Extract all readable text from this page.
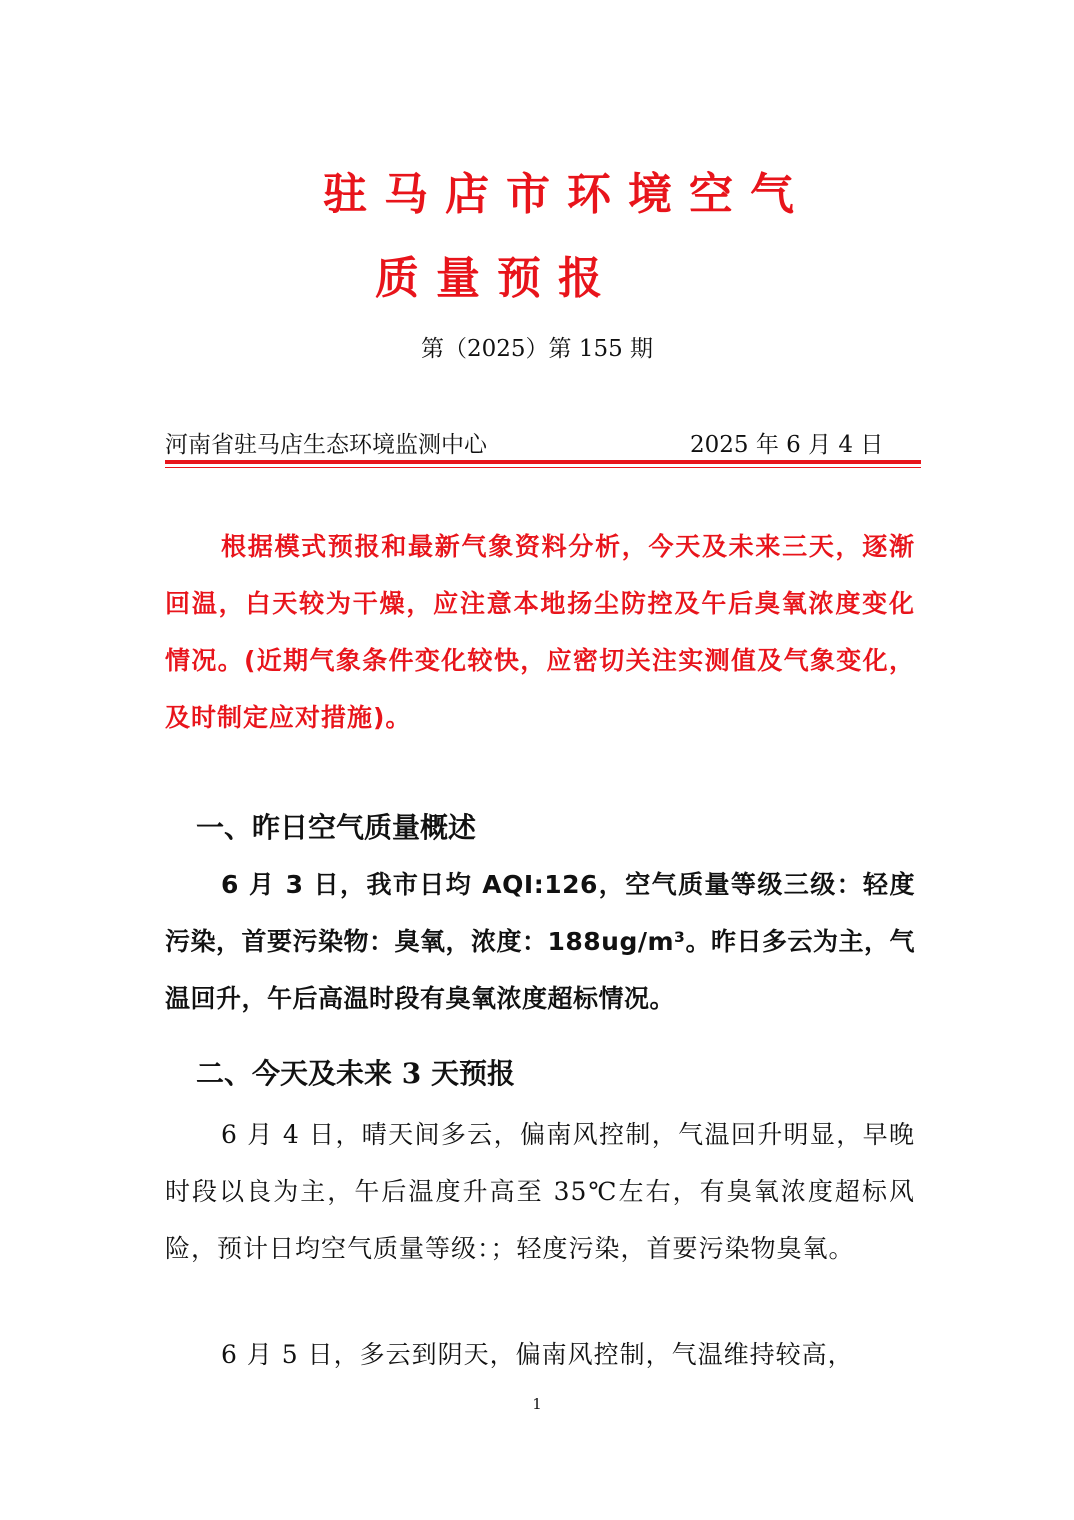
驻马店市环境空气
质量预报
第（2025）第 155 期
河南省驻马店生态环境监测中心	2025 年 6 月 4 日

根据模式预报和最新气象资料分析，今天及未来三天，逐渐回温，白天较为干燥，应注意本地扬尘防控及午后臭氧浓度变化情况。(近期气象条件变化较快，应密切关注实测值及气象变化，及时制定应对措施)。

一、昨日空气质量概述

6 月 3 日，我市日均 AQI:126，空气质量等级三级：轻度污染，首要污染物：臭氧，浓度：188ug/m³。昨日多云为主，气温回升，午后高温时段有臭氧浓度超标情况。

二、今天及未来 3 天预报

6 月 4 日，晴天间多云，偏南风控制，气温回升明显，早晚时段以良为主，午后温度升高至 35℃左右，有臭氧浓度超标风险，预计日均空气质量等级：；轻度污染，首要污染物臭氧。

6 月 5 日，多云到阴天，偏南风控制，气温维持较高，

1
